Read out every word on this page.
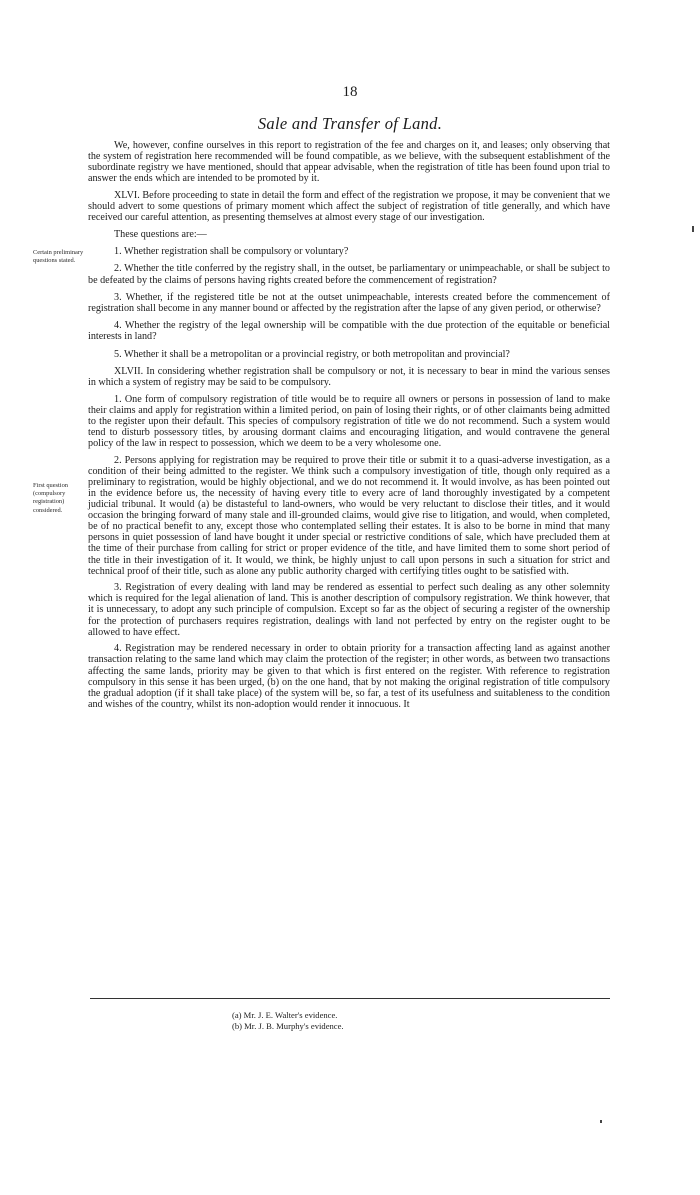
18
Sale and Transfer of Land.
Certain preliminary questions stated.
First question (compulsory registration) considered.

We, however, confine ourselves in this report to registration of the fee and charges on it, and leases; only observing that the system of registration here recommended will be found compatible, as we believe, with the subsequent establishment of the subordinate registry we have mentioned, should that appear advisable, when the registration of title has been found upon trial to answer the ends which are intended to be promoted by it.

XLVI. Before proceeding to state in detail the form and effect of the registration we propose, it may be convenient that we should advert to some questions of primary moment which affect the subject of registration of title generally, and which have received our careful attention, as presenting themselves at almost every stage of our investigation.

These questions are:—

1. Whether registration shall be compulsory or voluntary?

2. Whether the title conferred by the registry shall, in the outset, be parliamentary or unimpeachable, or shall be subject to be defeated by the claims of persons having rights created before the commencement of registration?

3. Whether, if the registered title be not at the outset unimpeachable, interests created before the commencement of registration shall become in any manner bound or affected by the registration after the lapse of any given period, or otherwise?

4. Whether the registry of the legal ownership will be compatible with the due protection of the equitable or beneficial interests in land?

5. Whether it shall be a metropolitan or a provincial registry, or both metropolitan and provincial?

XLVII. In considering whether registration shall be compulsory or not, it is necessary to bear in mind the various senses in which a system of registry may be said to be compulsory.

1. One form of compulsory registration of title would be to require all owners or persons in possession of land to make their claims and apply for registration within a limited period, on pain of losing their rights, or of other claimants being admitted to the register upon their default. This species of compulsory registration of title we do not recommend. Such a system would tend to disturb possessory titles, by arousing dormant claims and encouraging litigation, and would contravene the general policy of the law in respect to possession, which we deem to be a very wholesome one.

2. Persons applying for registration may be required to prove their title or submit it to a quasi-adverse investigation, as a condition of their being admitted to the register. We think such a compulsory investigation of title, though only required as a preliminary to registration, would be highly objectional, and we do not recommend it. It would involve, as has been pointed out in the evidence before us, the necessity of having every title to every acre of land thoroughly investigated by a competent judicial tribunal. It would (a) be distasteful to land-owners, who would be very reluctant to disclose their titles, and it would occasion the bringing forward of many stale and ill-grounded claims, would give rise to litigation, and would, when completed, be of no practical benefit to any, except those who contemplated selling their estates. It is also to be borne in mind that many persons in quiet possession of land have bought it under special or restrictive conditions of sale, which have precluded them at the time of their purchase from calling for strict or proper evidence of the title, and have limited them to some short period of the title in their investigation of it. It would, we think, be highly unjust to call upon persons in such a situation for strict and technical proof of their title, such as alone any public authority charged with certifying titles ought to be satisfied with.

3. Registration of every dealing with land may be rendered as essential to perfect such dealing as any other solemnity which is required for the legal alienation of land. This is another description of compulsory registration. We think however, that it is unnecessary, to adopt any such principle of compulsion. Except so far as the object of securing a register of the ownership for the protection of purchasers requires registration, dealings with land not perfected by entry on the register ought to be allowed to have effect.

4. Registration may be rendered necessary in order to obtain priority for a transaction affecting land as against another transaction relating to the same land which may claim the protection of the register; in other words, as between two transactions affecting the same lands, priority may be given to that which is first entered on the register. With reference to registration compulsory in this sense it has been urged, (b) on the one hand, that by not making the original registration of title compulsory the gradual adoption (if it shall take place) of the system will be, so far, a test of its usefulness and suitableness to the condition and wishes of the country, whilst its non-adoption would render it innocuous. It

(a) Mr. J. E. Walter's evidence.
(b) Mr. J. B. Murphy's evidence.
